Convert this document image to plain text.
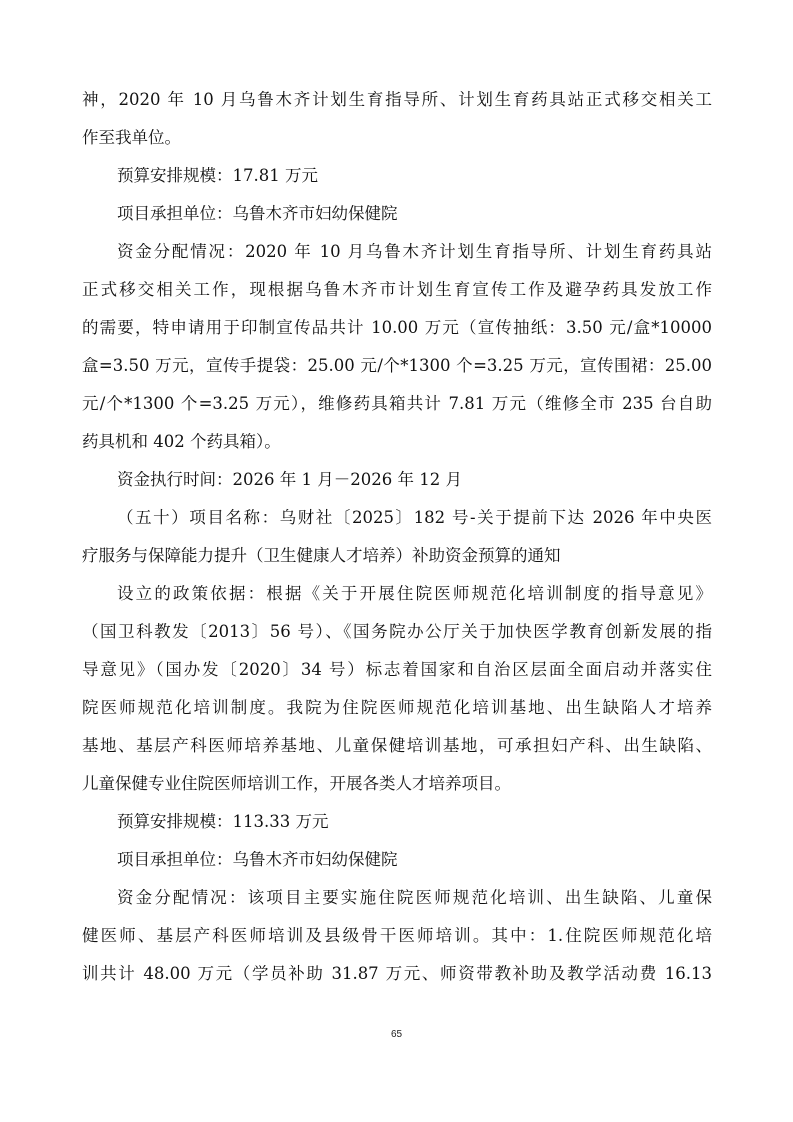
神，2020 年 10 月乌鲁木齐计划生育指导所、计划生育药具站正式移交相关工
作至我单位。
预算安排规模：17.81 万元
项目承担单位：乌鲁木齐市妇幼保健院
资金分配情况：2020 年 10 月乌鲁木齐计划生育指导所、计划生育药具站
正式移交相关工作，现根据乌鲁木齐市计划生育宣传工作及避孕药具发放工作
的需要，特申请用于印制宣传品共计 10.00 万元（宣传抽纸：3.50 元/盒*10000
盒=3.50 万元，宣传手提袋：25.00 元/个*1300 个=3.25 万元，宣传围裙：25.00
元/个*1300 个=3.25 万元），维修药具箱共计 7.81 万元（维修全市 235 台自助
药具机和 402 个药具箱）。
资金执行时间：2026 年 1 月－2026 年 12 月
（五十）项目名称：乌财社〔2025〕182 号-关于提前下达 2026 年中央医
疗服务与保障能力提升（卫生健康人才培养）补助资金预算的通知
设立的政策依据：根据《关于开展住院医师规范化培训制度的指导意见》
（国卫科教发〔2013〕56 号）、《国务院办公厅关于加快医学教育创新发展的指
导意见》（国办发〔2020〕34 号）标志着国家和自治区层面全面启动并落实住
院医师规范化培训制度。我院为住院医师规范化培训基地、出生缺陷人才培养
基地、基层产科医师培养基地、儿童保健培训基地，可承担妇产科、出生缺陷、
儿童保健专业住院医师培训工作，开展各类人才培养项目。
预算安排规模：113.33 万元
项目承担单位：乌鲁木齐市妇幼保健院
资金分配情况：该项目主要实施住院医师规范化培训、出生缺陷、儿童保
健医师、基层产科医师培训及县级骨干医师培训。其中：1.住院医师规范化培
训共计 48.00 万元（学员补助 31.87 万元、师资带教补助及教学活动费 16.13
65
